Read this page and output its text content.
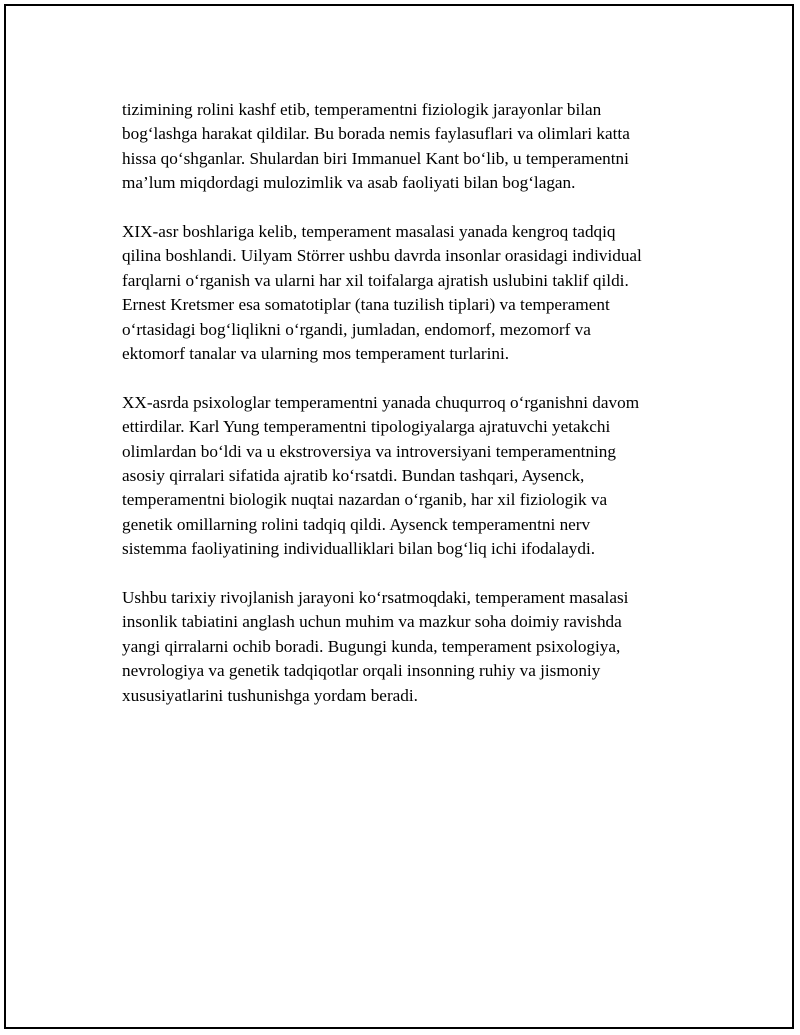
tizimining rolini kashf etib, temperamentni fiziologik jarayonlar bilan
bog‘lashga harakat qildilar. Bu borada nemis faylasuflari va olimlari katta
hissa qo‘shganlar. Shulardan biri Immanuel Kant bo‘lib, u temperamentni
ma’lum miqdordagi mulozimlik va asab faoliyati bilan bog‘lagan.

XIX-asr boshlariga kelib, temperament masalasi yanada kengroq tadqiq
qilina boshlandi. Uilyam Störrer ushbu davrda insonlar orasidagi individual
farqlarni o‘rganish va ularni har xil toifalarga ajratish uslubini taklif qildi.
Ernest Kretsmer esa somatotiplar (tana tuzilish tiplari) va temperament
o‘rtasidagi bog‘liqlikni o‘rgandi, jumladan, endomorf, mezomorf va
ektomorf tanalar va ularning mos temperament turlarini.

XX-asrda psixologlar temperamentni yanada chuqurroq o‘rganishni davom
ettirdilar. Karl Yung temperamentni tipologiyalarga ajratuvchi yetakchi
olimlardan bo‘ldi va u ekstroversiya va introversiyani temperamentning
asosiy qirralari sifatida ajratib ko‘rsatdi. Bundan tashqari, Aysenck,
temperamentni biologik nuqtai nazardan o‘rganib, har xil fiziologik va
genetik omillarning rolini tadqiq qildi. Aysenck temperamentni nerv
sistemma faoliyatining individualliklari bilan bog‘liq ichi ifodalaydi.

Ushbu tarixiy rivojlanish jarayoni ko‘rsatmoqdaki, temperament masalasi
insonlik tabiatini anglash uchun muhim va mazkur soha doimiy ravishda
yangi qirralarni ochib boradi. Bugungi kunda, temperament psixologiya,
nevrologiya va genetik tadqiqotlar orqali insonning ruhiy va jismoniy
xususiyatlarini tushunishga yordam beradi.
